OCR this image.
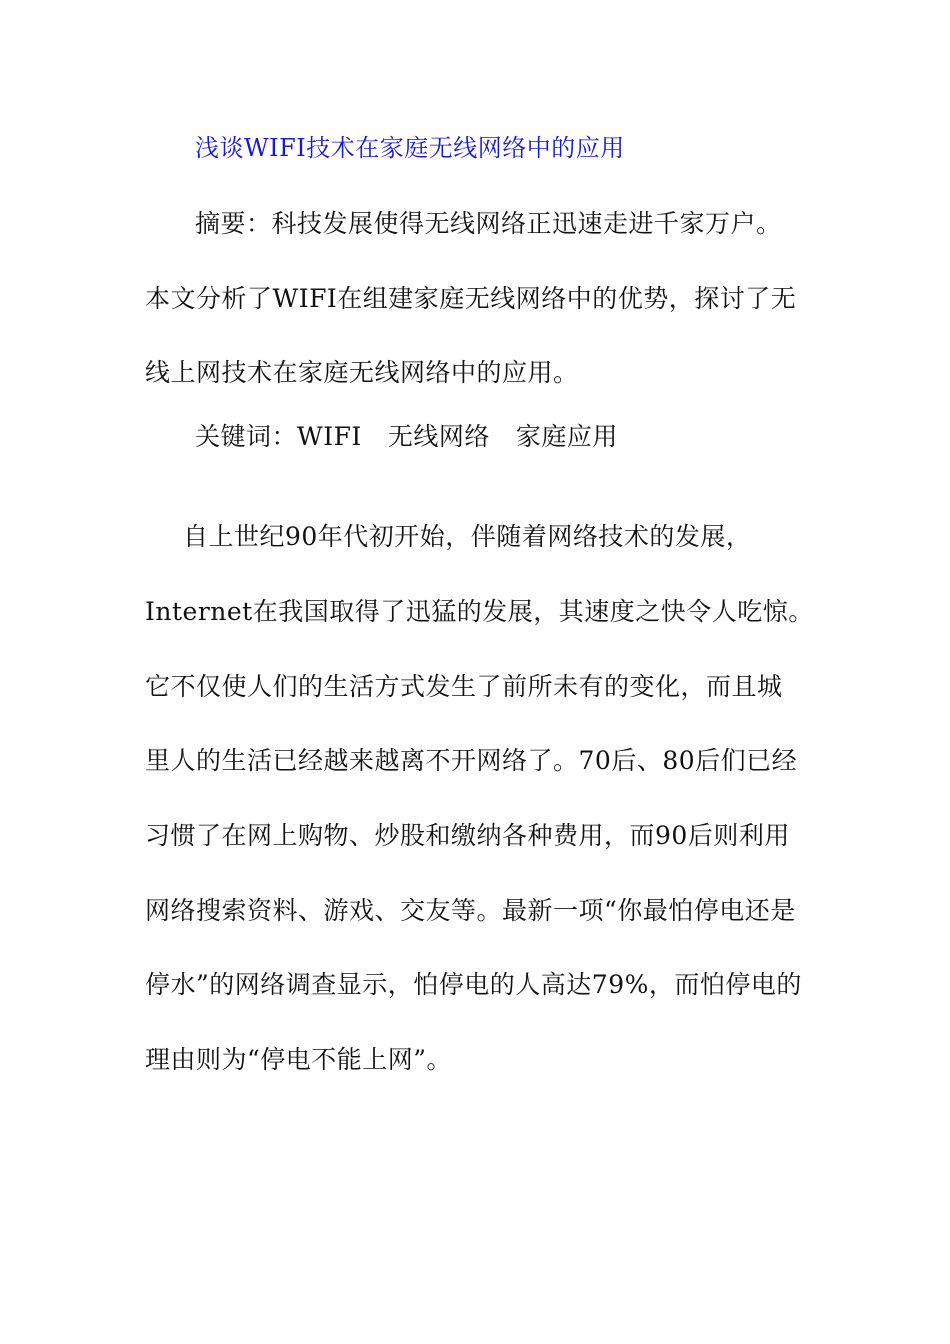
浅谈WIFI技术在家庭无线网络中的应用
摘要：科技发展使得无线网络正迅速走进千家万户。
本文分析了WIFI在组建家庭无线网络中的优势，探讨了无
线上网技术在家庭无线网络中的应用。
关键词：WIFI 无线网络 家庭应用
自上世纪90年代初开始，伴随着网络技术的发展，
Internet在我国取得了迅猛的发展，其速度之快令人吃惊。
它不仅使人们的生活方式发生了前所未有的变化，而且城
里人的生活已经越来越离不开网络了。70后、80后们已经
习惯了在网上购物、炒股和缴纳各种费用，而90后则利用
网络搜索资料、游戏、交友等。最新一项“你最怕停电还是
停水”的网络调查显示，怕停电的人高达79%，而怕停电的
理由则为“停电不能上网”。
